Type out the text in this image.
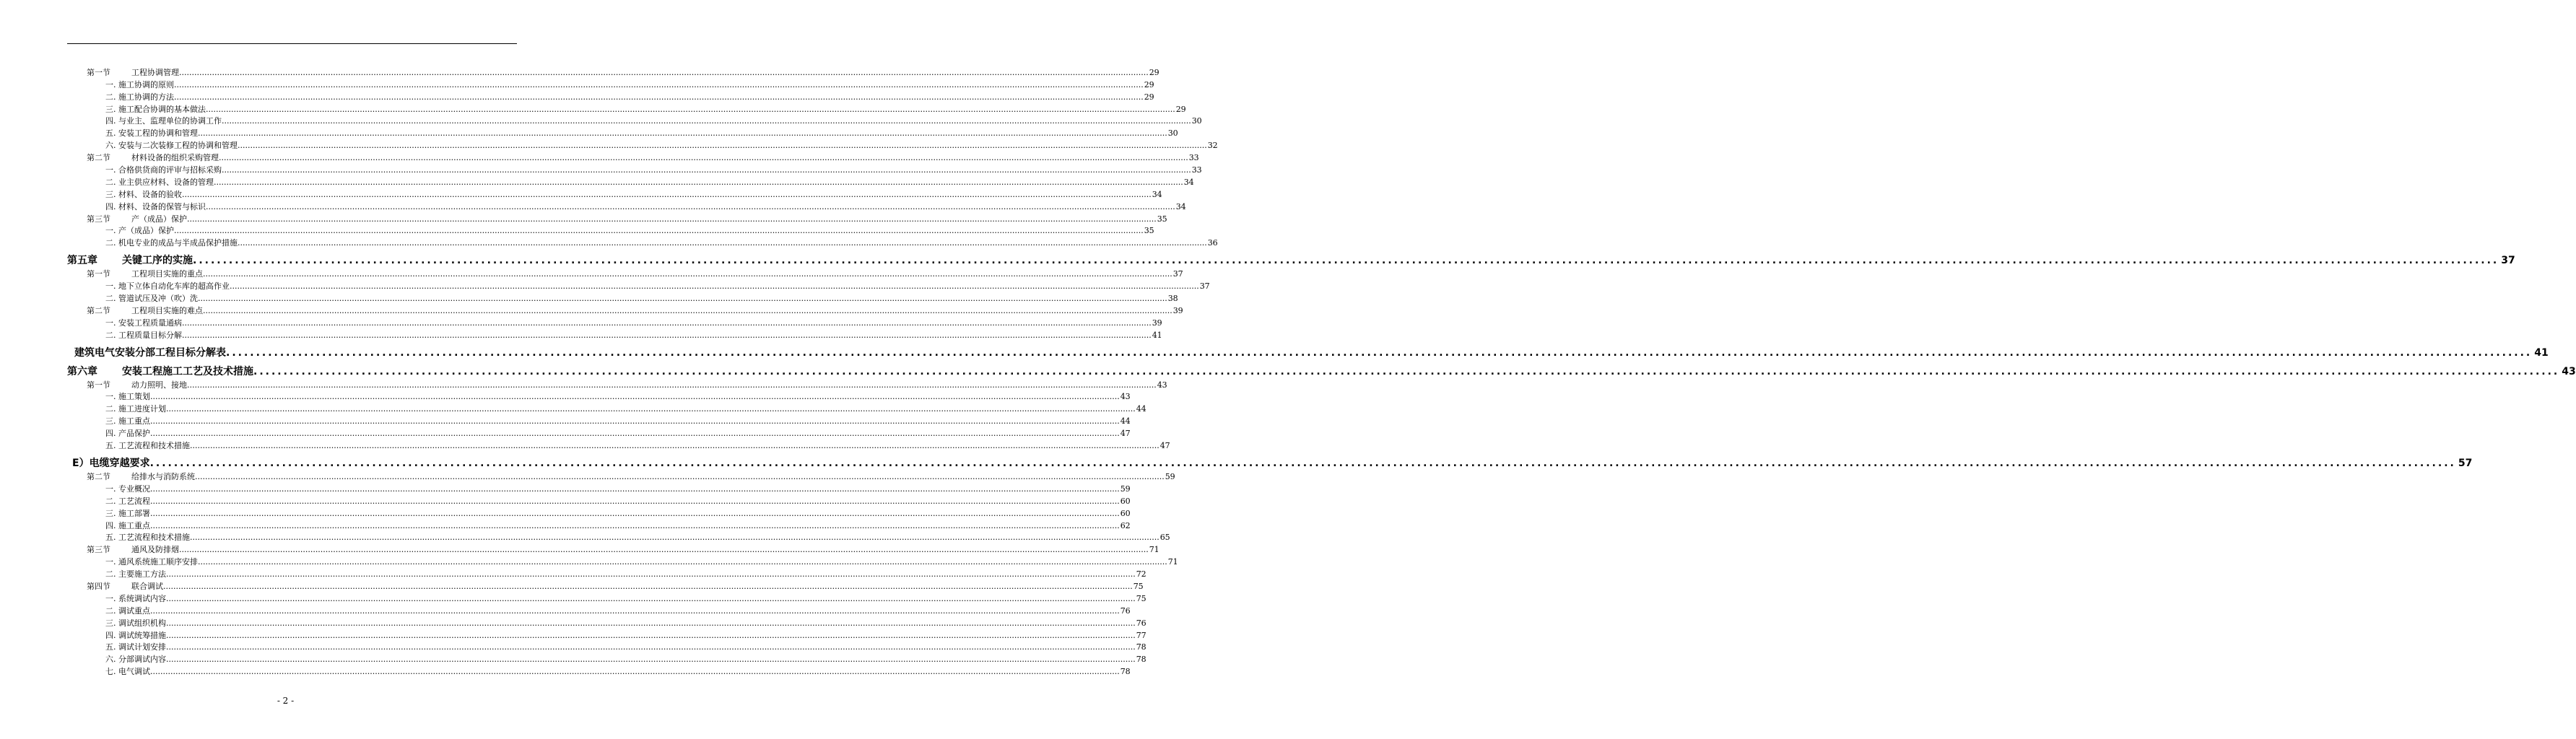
第一节	工程协调管理 .....	29
一. 施工协调的原则 .....	29
二. 施工协调的方法 .....	29
三. 施工配合协调的基本做法 .....	29
四. 与业主、监理单位的协调工作 .....	30
五. 安装工程的协调和管理 .....	30
六. 安装与二次装修工程的协调和管理 .....	32
第二节	材料设备的组织采购管理 .....	33
一. 合格供货商的评审与招标采购 .....	33
二. 业主供应材料、设备的管理 .....	34
三. 材料、设备的验收 .....	34
四. 材料、设备的保管与标识 .....	34
第三节	产（成品）保护 .....	35
一. 产（成品）保护 .....	35
二. 机电专业的成品与半成品保护措施 .....	36
第五章	关键工序的实施 .....	37
第一节	工程项目实施的重点 .....	37
一. 地下立体自动化车库的超高作业 .....	37
二. 管道试压及冲（吹）洗 .....	38
第二节	工程项目实施的难点 .....	39
一. 安装工程质量通病 .....	39
二. 工程质量目标分解 .....	41
建筑电气安装分部工程目标分解表 .....	41
第六章	安装工程施工工艺及技术措施 .....	43
第一节	动力照明、接地 .....	43
一. 施工策划 .....	43
二. 施工进度计划 .....	44
三. 施工重点 .....	44
四. 产品保护 .....	47
五. 工艺流程和技术措施 .....	47
E）电缆穿越要求 .....	57
第二节	给排水与消防系统 .....	59
一. 专业概况 .....	59
二. 工艺流程 .....	60
三. 施工部署 .....	60
四. 施工重点 .....	62
五. 工艺流程和技术措施 .....	65
第三节	通风及防排烟 .....	71
一. 通风系统施工顺序安排 .....	71
二. 主要施工方法 .....	72
第四节	联合调试 .....	75
一. 系统调试内容 .....	75
二. 调试重点 .....	76
三. 调试组织机构 .....	76
四. 调试统筹措施 .....	77
五. 调试计划安排 .....	78
六. 分部调试内容 .....	78
七. 电气调试 .....	78
- 2 -
